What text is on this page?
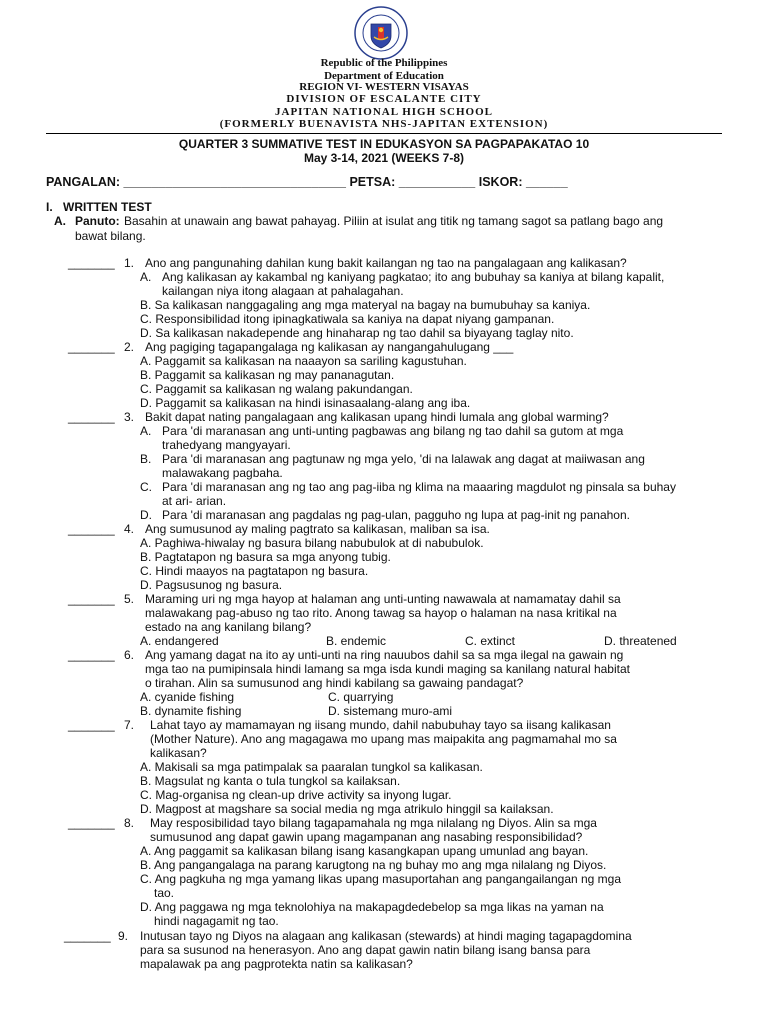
Republic of the Philippines
Department of Education
REGION VI- WESTERN VISAYAS
DIVISION OF ESCALANTE CITY
JAPITAN NATIONAL HIGH SCHOOL
(FORMERLY BUENAVISTA NHS-JAPITAN EXTENSION)
QUARTER 3 SUMMATIVE TEST IN EDUKASYON SA PAGPAPAKATAO 10
May 3-14, 2021 (WEEKS 7-8)
PANGALAN: ________________________________ PETSA: ___________ ISKOR: ______
I. WRITTEN TEST
A. Panuto: Basahin at unawain ang bawat pahayag. Piliin at isulat ang titik ng tamang sagot sa patlang bago ang
bawat bilang.
_______ 1. Ano ang pangunahing dahilan kung bakit kailangan ng tao na pangalagaan ang kalikasan?
A. Ang kalikasan ay kakambal ng kaniyang pagkatao; ito ang bubuhay sa kaniya at bilang kapalit,
kailangan niya itong alagaan at pahalagahan.
B. Sa kalikasan nanggagaling ang mga materyal na bagay na bumubuhay sa kaniya.
C. Responsibilidad itong ipinagkatiwala sa kaniya na dapat niyang gampanan.
D. Sa kalikasan nakadepende ang hinaharap ng tao dahil sa biyayang taglay nito.
_______ 2. Ang pagiging tagapangalaga ng kalikasan ay nangangahulugang ___
A. Paggamit sa kalikasan na naaayon sa sariling kagustuhan.
B. Paggamit sa kalikasan ng may pananagutan.
C. Paggamit sa kalikasan ng walang pakundangan.
D. Paggamit sa kalikasan na hindi isinasaalang-alang ang iba.
_______ 3. Bakit dapat nating pangalagaan ang kalikasan upang hindi lumala ang global warming?
A. Para 'di maranasan ang unti-unting pagbawas ang bilang ng tao dahil sa gutom at mga
trahedyang mangyayari.
B. Para 'di maranasan ang pagtunaw ng mga yelo, 'di na lalawak ang dagat at maiiwasan ang
malawakang pagbaha.
C. Para 'di maranasan ang ng tao ang pag-iiba ng klima na maaaring magdulot ng pinsala sa buhay
at ari- arian.
D. Para 'di maranasan ang pagdalas ng pag-ulan, pagguho ng lupa at pag-init ng panahon.
_______ 4. Ang sumusunod ay maling pagtrato sa kalikasan, maliban sa isa.
A. Paghiwa-hiwalay ng basura bilang nabubulok at di nabubulok.
B. Pagtatapon ng basura sa mga anyong tubig.
C. Hindi maayos na pagtatapon ng basura.
D. Pagsusunog ng basura.
_______ 5. Maraming uri ng mga hayop at halaman ang unti-unting nawawala at namamatay dahil sa
malawakang pag-abuso ng tao rito. Anong tawag sa hayop o halaman na nasa kritikal na
estado na ang kanilang bilang?
A. endangered	B. endemic	C. extinct	D. threatened
_______ 6. Ang yamang dagat na ito ay unti-unti na ring nauubos dahil sa sa mga ilegal na gawain ng
mga tao na pumipinsala hindi lamang sa mga isda kundi maging sa kanilang natural habitat
o tirahan. Alin sa sumusunod ang hindi kabilang sa gawaing pandagat?
A. cyanide fishing	C. quarrying
B. dynamite fishing	D. sistemang muro-ami
_______ 7. Lahat tayo ay mamamayan ng iisang mundo, dahil nabubuhay tayo sa iisang kalikasan
(Mother Nature). Ano ang magagawa mo upang mas maipakita ang pagmamahal mo sa
kalikasan?
A. Makisali sa mga patimpalak sa paaralan tungkol sa kalikasan.
B. Magsulat ng kanta o tula tungkol sa kailaksan.
C. Mag-organisa ng clean-up drive activity sa inyong lugar.
D. Magpost at magshare sa social media ng mga atrikulo hinggil sa kailaksan.
_______ 8. May resposibilidad tayo bilang tagapamahala ng mga nilalang ng Diyos. Alin sa mga
sumusunod ang dapat gawin upang magampanan ang nasabing responsibilidad?
A. Ang paggamit sa kalikasan bilang isang kasangkapan upang umunlad ang bayan.
B. Ang pangangalaga na parang karugtong na ng buhay mo ang mga nilalang ng Diyos.
C. Ang pagkuha ng mga yamang likas upang masuportahan ang pangangailangan ng mga
tao.
D. Ang paggawa ng mga teknolohiya na makapagdedebelop sa mga likas na yaman na
hindi nagagamit ng tao.
_______ 9. Inutusan tayo ng Diyos na alagaan ang kalikasan (stewards) at hindi maging tagapagdomina
para sa susunod na henerasyon. Ano ang dapat gawin natin bilang isang bansa para
mapalawak pa ang pagprotekta natin sa kalikasan?
